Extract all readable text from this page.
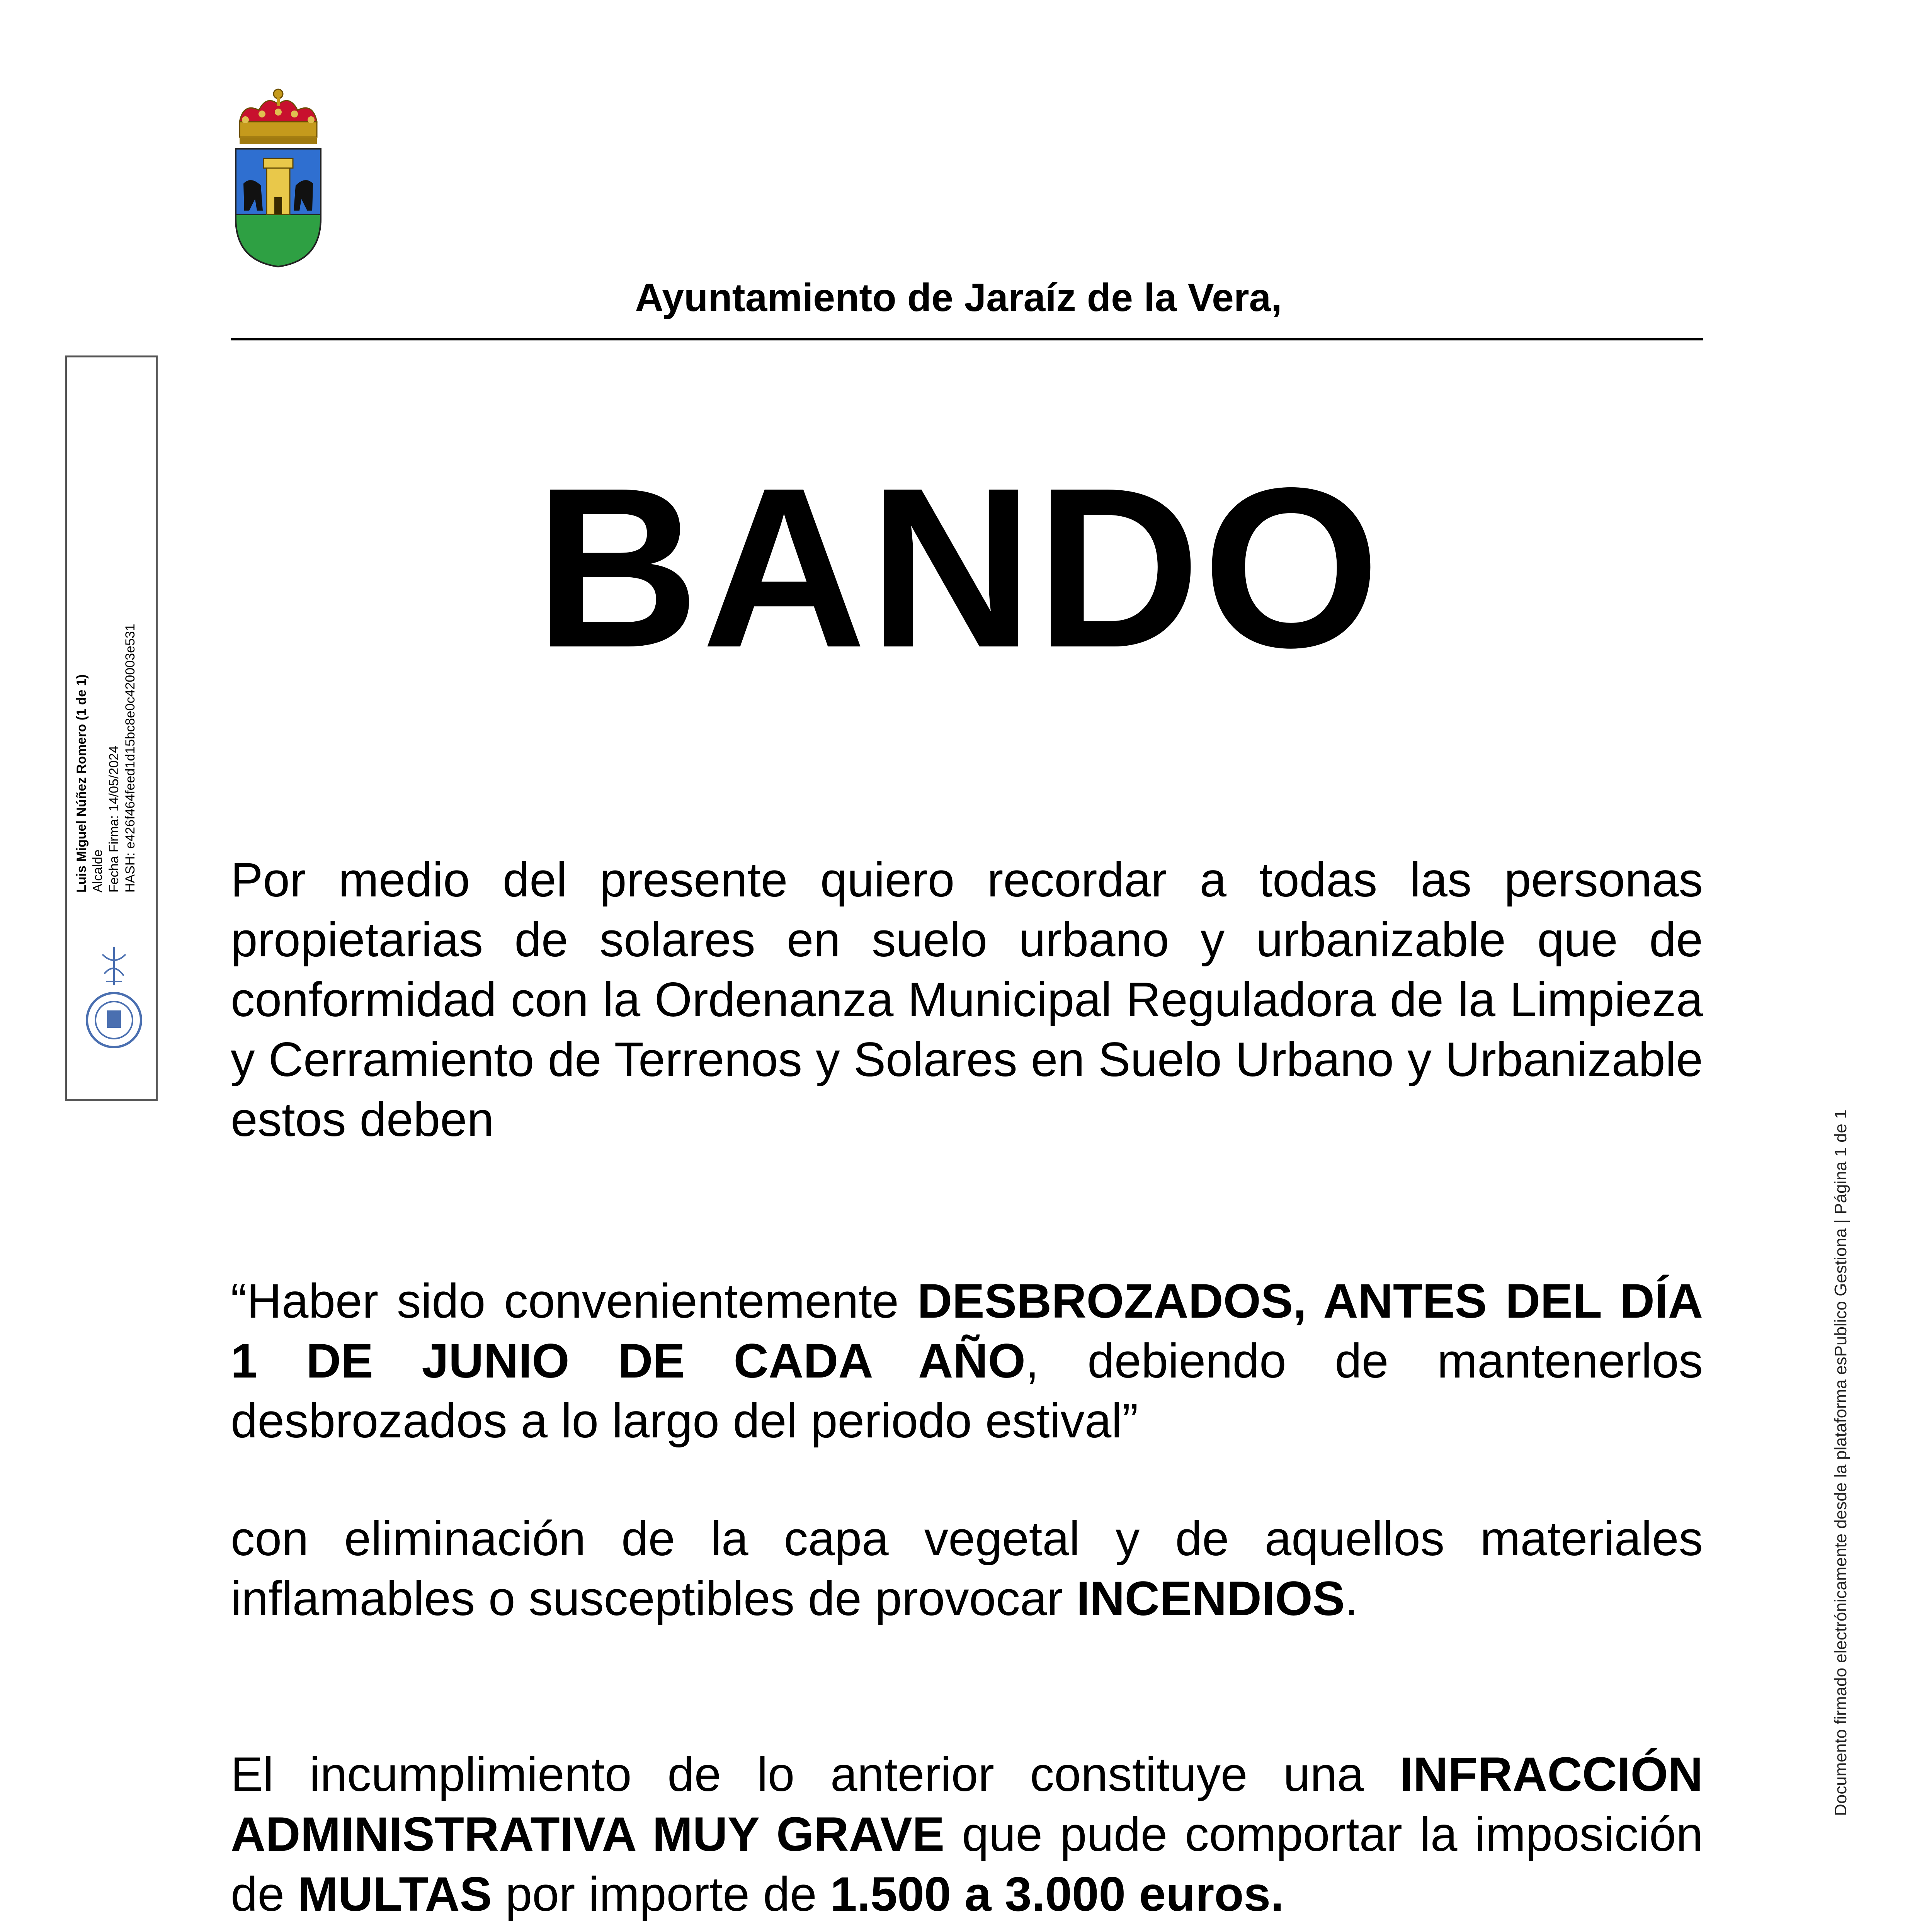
Ayuntamiento de Jaraíz de la Vera,
BANDO
Por medio del presente quiero recordar a todas las personas propietarias de solares en suelo urbano y urbanizable que de conformidad con la Ordenanza Municipal Reguladora de la Limpieza y Cerramiento de Terrenos y Solares en Suelo Urbano y Urbanizable estos deben
“Haber sido convenientemente DESBROZADOS, ANTES DEL DÍA 1 DE JUNIO DE CADA AÑO, debiendo de mantenerlos desbrozados a lo largo del periodo estival”
con eliminación de la capa vegetal y de aquellos materiales inflamables o susceptibles de provocar INCENDIOS.
El incumplimiento de lo anterior constituye una INFRACCIÓN ADMINISTRATIVA MUY GRAVE que pude comportar la imposición de MULTAS por importe de 1.500 a 3.000 euros.
Luis Miguel Núñez Romero (1 de 1) Alcalde Fecha Firma: 14/05/2024 HASH: e426f464feed1d15bc8e0c420003e531
Documento firmado electrónicamente desde la plataforma esPublico Gestiona | Página 1 de 1
